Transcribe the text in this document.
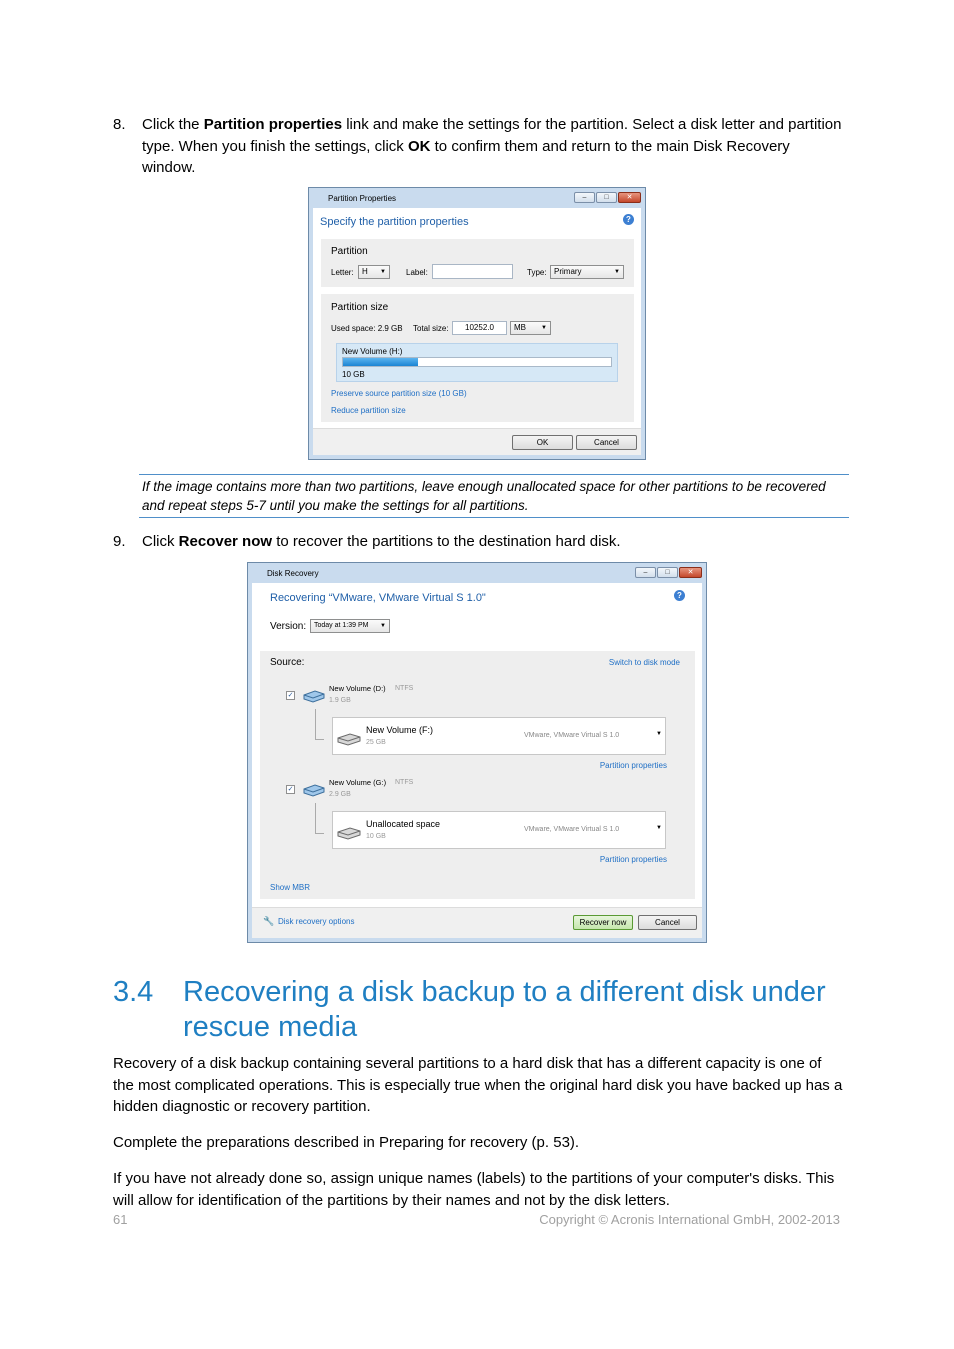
8. Click the Partition properties link and make the settings for the partition. Select a disk letter and partition type. When you finish the settings, click OK to confirm them and return to the main Disk Recovery window.
Partition Properties	–	□	✕
Specify the partition properties	?
Partition
Letter:	H ▼	Label:	Type: Primary	▼
Partition size
Used space: 2.9 GB Total size:	10252.0	MB	▼
New Volume (H:)
10 GB
Preserve source partition size (10 GB)
Reduce partition size
OK	Cancel
If the image contains more than two partitions, leave enough unallocated space for other partitions to be recovered and repeat steps 5-7 until you make the settings for all partitions.
9. Click Recover now to recover the partitions to the destination hard disk.
Disk Recovery	–	□	✕
Recovering “VMware, VMware Virtual S 1.0"	?
Version:	Today at 1:39 PM ▼
Source:	Switch to disk mode
✓
New Volume (D:) NTFS
1.9 GB
New Volume (F:)
25 GB
VMware, VMware Virtual S 1.0	▼
Partition properties
✓
New Volume (G:) NTFS
2.9 GB
Unallocated space
10 GB
VMware, VMware Virtual S 1.0	▼
Partition properties
Show MBR
🔧 Disk recovery options	Recover now	Cancel
3.4 Recovering a disk backup to a different disk under rescue media
Recovery of a disk backup containing several partitions to a hard disk that has a different capacity is one of the most complicated operations. This is especially true when the original hard disk you have backed up has a hidden diagnostic or recovery partition.
Complete the preparations described in Preparing for recovery (p. 53).
If you have not already done so, assign unique names (labels) to the partitions of your computer's disks. This will allow for identification of the partitions by their names and not by the disk letters.
61	Copyright © Acronis International GmbH, 2002-2013
